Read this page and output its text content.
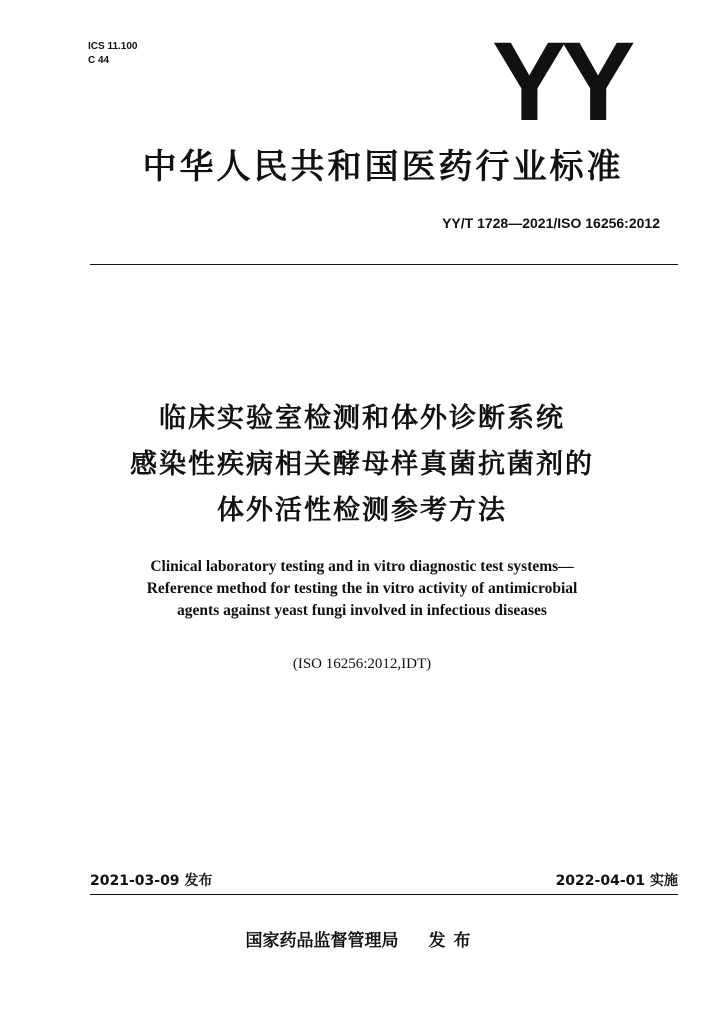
ICS 11.100
C 44	YY
中华人民共和国医药行业标准
YY/T 1728—2021/ISO 16256:2012
临床实验室检测和体外诊断系统
感染性疾病相关酵母样真菌抗菌剂的
体外活性检测参考方法
Clinical laboratory testing and in vitro diagnostic test systems—
Reference method for testing the in vitro activity of antimicrobial
agents against yeast fungi involved in infectious diseases
(ISO 16256:2012,IDT)
2021-03-09 发布	2022-04-01 实施
国家药品监督管理局 发布
